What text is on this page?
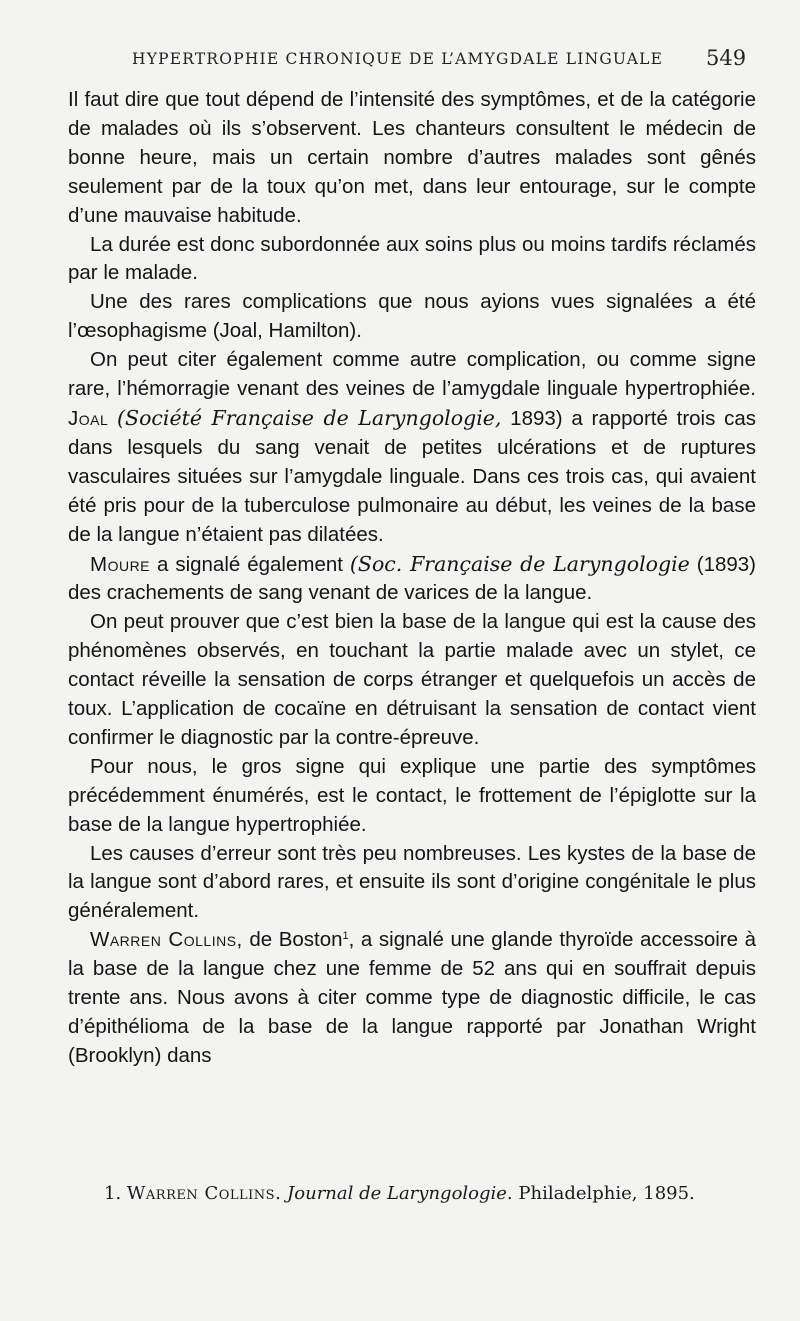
HYPERTROPHIE CHRONIQUE DE L’AMYGDALE LINGUALE 549

Il faut dire que tout dépend de l’intensité des symptômes, et de la catégorie de malades où ils s’observent. Les chanteurs consultent le médecin de bonne heure, mais un certain nombre d’autres malades sont gênés seulement par de la toux qu’on met, dans leur entourage, sur le compte d’une mauvaise habitude.

La durée est donc subordonnée aux soins plus ou moins tardifs réclamés par le malade.

Une des rares complications que nous ayions vues signalées a été l’œsophagisme (Joal, Hamilton).

On peut citer également comme autre complication, ou comme signe rare, l’hémorragie venant des veines de l’amygdale linguale hypertrophiée. Joal (Société Française de Laryngologie, 1893) a rapporté trois cas dans lesquels du sang venait de petites ulcérations et de ruptures vasculaires situées sur l’amygdale linguale. Dans ces trois cas, qui avaient été pris pour de la tuberculose pulmonaire au début, les veines de la base de la langue n’étaient pas dilatées.

Moure a signalé également (Soc. Française de Laryngologie (1893) des crachements de sang venant de varices de la langue.

On peut prouver que c’est bien la base de la langue qui est la cause des phénomènes observés, en touchant la partie malade avec un stylet, ce contact réveille la sensation de corps étranger et quelquefois un accès de toux. L’application de cocaïne en détruisant la sensation de contact vient confirmer le diagnostic par la contre-épreuve.

Pour nous, le gros signe qui explique une partie des symptômes précédemment énumérés, est le contact, le frottement de l’épiglotte sur la base de la langue hypertrophiée.

Les causes d’erreur sont très peu nombreuses. Les kystes de la base de la langue sont d’abord rares, et ensuite ils sont d’origine congénitale le plus généralement.

Warren Collins, de Boston$^1$, a signalé une glande thyroïde accessoire à la base de la langue chez une femme de 52 ans qui en souffrait depuis trente ans. Nous avons à citer comme type de diagnostic difficile, le cas d’épithélioma de la base de la langue rapporté par Jonathan Wright (Brooklyn) dans

1. Warren Collins. Journal de Laryngologie. Philadelphie, 1895.
